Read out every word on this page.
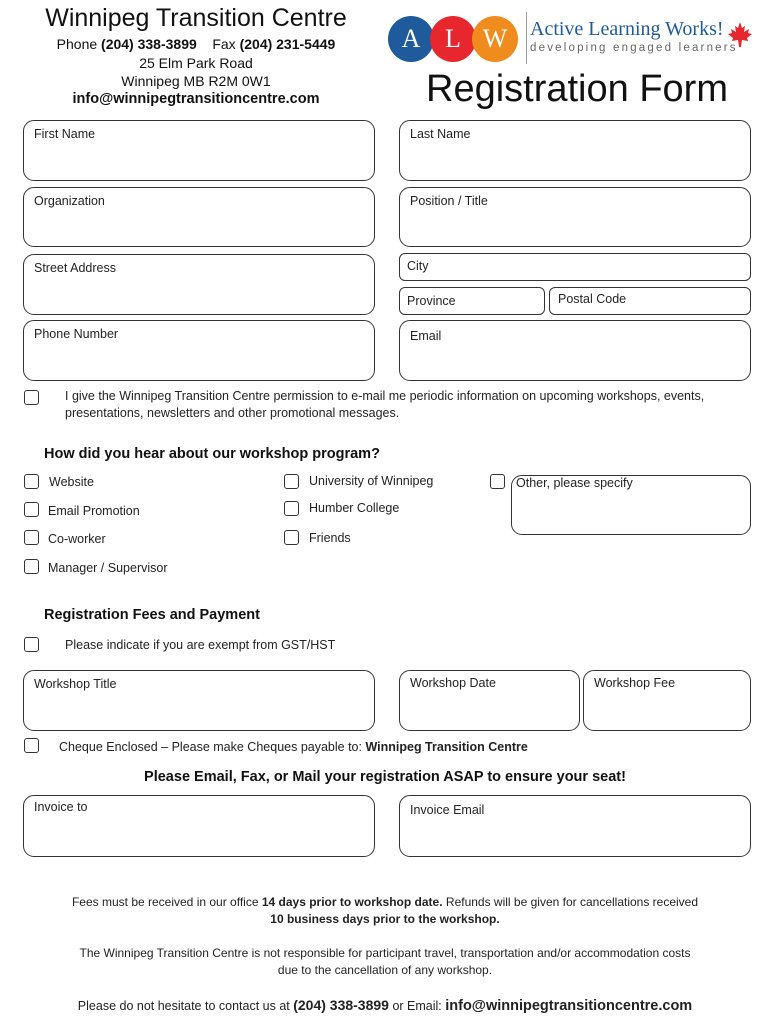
Winnipeg Transition Centre
Phone (204) 338-3899 Fax (204) 231-5449
25 Elm Park Road
Winnipeg MB R2M 0W1
info@winnipegtransitioncentre.com
A L W	Active Learning Works!
developing engaged learners
Registration Form
First Name	Last Name
Organization	Position / Title
Street Address	City
Province	Postal Code
Phone Number	Email
I give the Winnipeg Transition Centre permission to e-mail me periodic information on upcoming workshops, events,
presentations, newsletters and other promotional messages.
How did you hear about our workshop program?
Website
Email Promotion
Co-worker
Manager / Supervisor
University of Winnipeg
Humber College
Friends
Other, please specify
Registration Fees and Payment
Please indicate if you are exempt from GST/HST
Workshop Title	Workshop Date	Workshop Fee
Cheque Enclosed – Please make Cheques payable to: Winnipeg Transition Centre
Please Email, Fax, or Mail your registration ASAP to ensure your seat!
Invoice to	Invoice Email
Fees must be received in our office 14 days prior to workshop date. Refunds will be given for cancellations received
10 business days prior to the workshop.
The Winnipeg Transition Centre is not responsible for participant travel, transportation and/or accommodation costs
due to the cancellation of any workshop.
Please do not hesitate to contact us at (204) 338-3899 or Email: info@winnipegtransitioncentre.com
